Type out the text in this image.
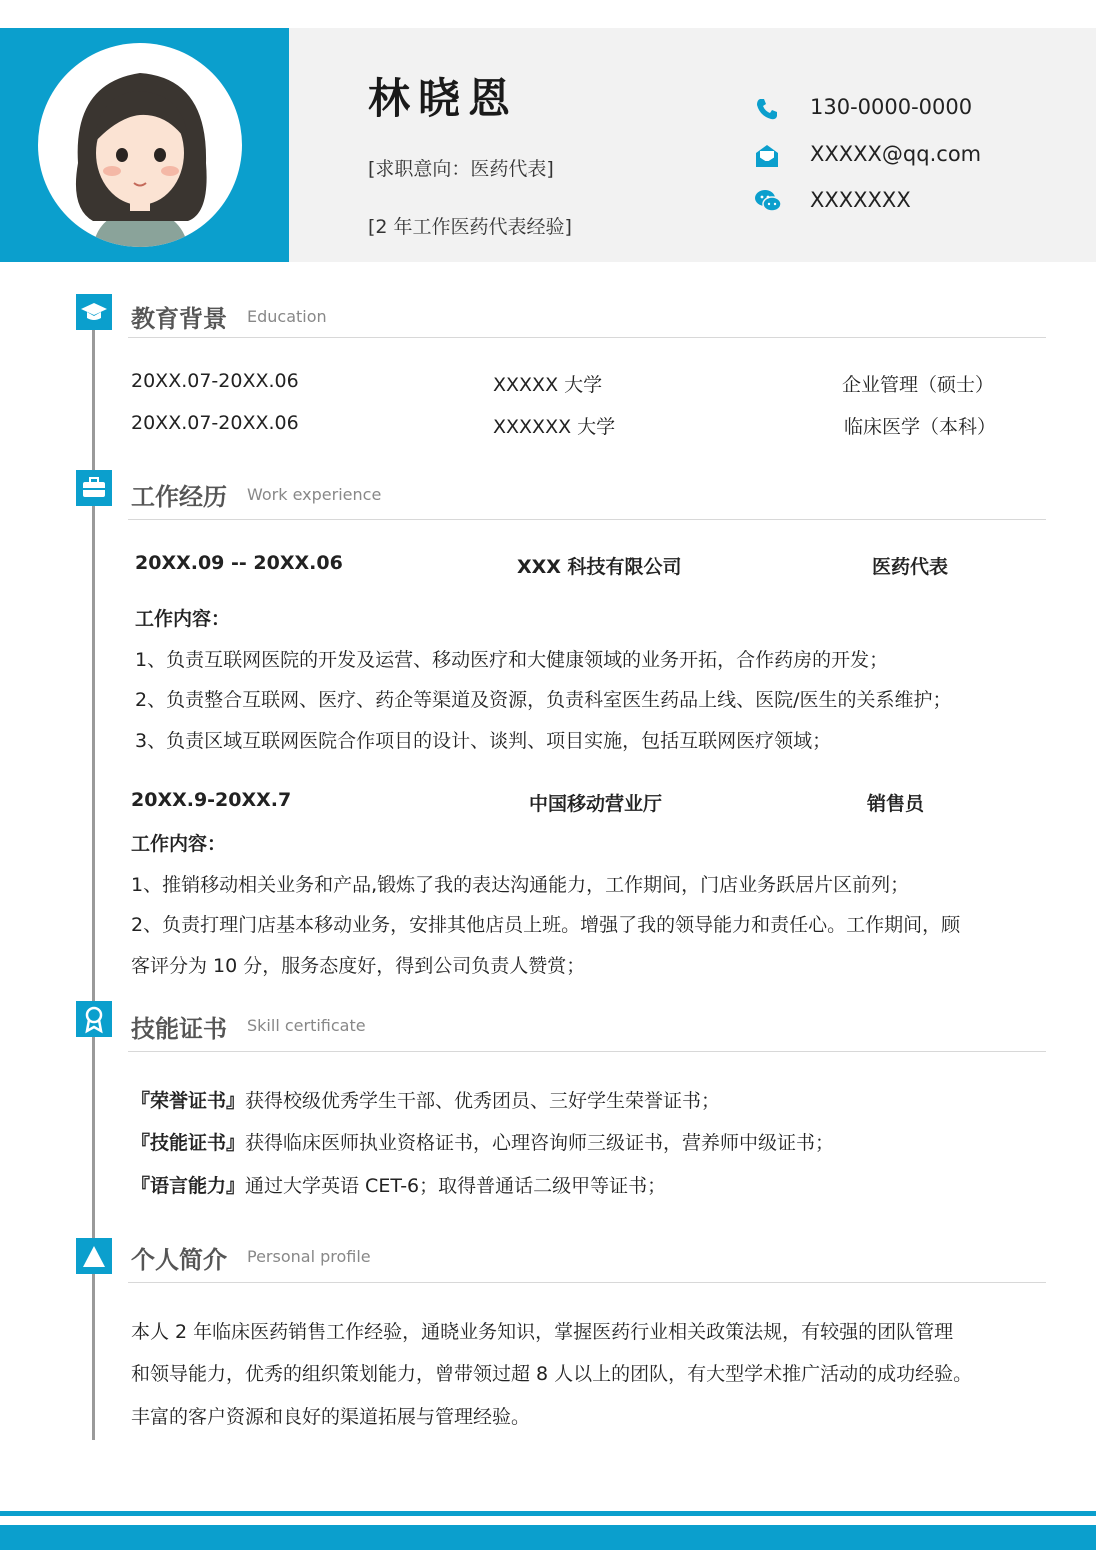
林晓恩
[求职意向：医药代表]
[2 年工作医药代表经验]
130-0000-0000
XXXXX@qq.com
XXXXXXX
教育背景 Education
20XX.07-20XX.06	XXXXX 大学	企业管理（硕士）
20XX.07-20XX.06	XXXXXX 大学	临床医学（本科）
工作经历 Work experience
20XX.09 -- 20XX.06	XXX 科技有限公司	医药代表
工作内容：
1、负责互联网医院的开发及运营、移动医疗和大健康领域的业务开拓，合作药房的开发；
2、负责整合互联网、医疗、药企等渠道及资源，负责科室医生药品上线、医院/医生的关系维护；
3、负责区域互联网医院合作项目的设计、谈判、项目实施，包括互联网医疗领域；
20XX.9-20XX.7	中国移动营业厅	销售员
工作内容：
1、推销移动相关业务和产品,锻炼了我的表达沟通能力，工作期间，门店业务跃居片区前列；
2、负责打理门店基本移动业务，安排其他店员上班。增强了我的领导能力和责任心。工作期间，顾
客评分为 10 分，服务态度好，得到公司负责人赞赏；
技能证书 Skill certificate
『荣誉证书』获得校级优秀学生干部、优秀团员、三好学生荣誉证书；
『技能证书』获得临床医师执业资格证书，心理咨询师三级证书，营养师中级证书；
『语言能力』通过大学英语 CET-6；取得普通话二级甲等证书；
个人简介 Personal profile
本人 2 年临床医药销售工作经验，通晓业务知识，掌握医药行业相关政策法规，有较强的团队管理
和领导能力，优秀的组织策划能力，曾带领过超 8 人以上的团队，有大型学术推广活动的成功经验。
丰富的客户资源和良好的渠道拓展与管理经验。
